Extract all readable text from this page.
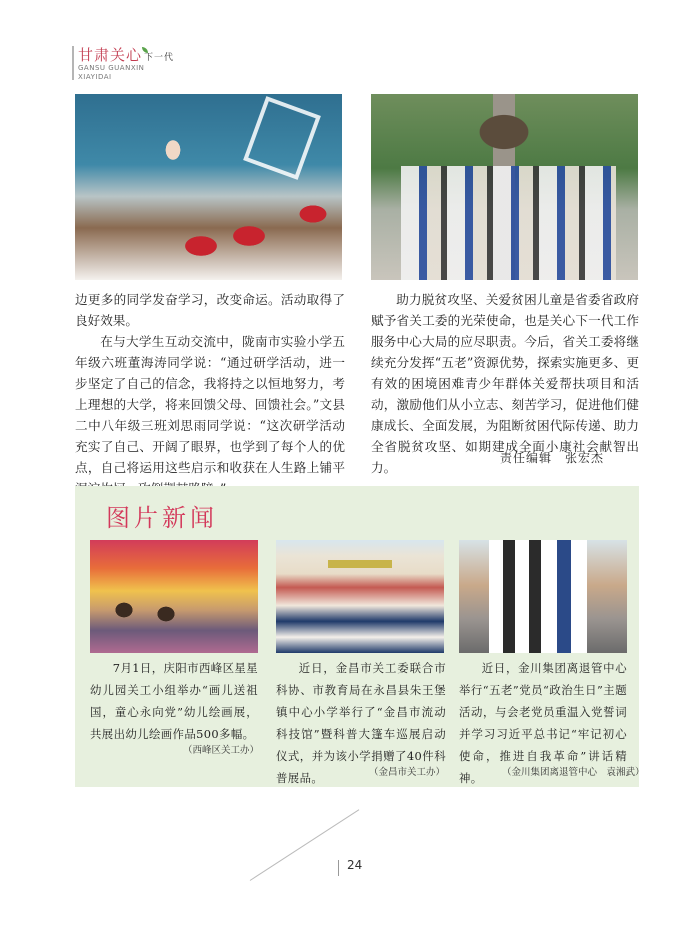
甘肃关心 下一代
GANSU GUANXIN
XIAYIDAI

边更多的同学发奋学习，改变命运。活动取得了良好效果。

在与大学生互动交流中，陇南市实验小学五年级六班董海涛同学说：“通过研学活动，进一步坚定了自己的信念，我将持之以恒地努力，考上理想的大学，将来回馈父母、回馈社会。”文县二中八年级三班刘思雨同学说：“这次研学活动充实了自己、开阔了眼界，也学到了每个人的优点，自己将运用这些启示和收获在人生路上铺平

助力脱贫攻坚、关爱贫困儿童是省委省政府赋予省关工委的光荣使命，也是关心下一代工作服务中心大局的应尽职责。今后，省关工委将继续充分发挥“五老”资源优势，探索实施更多、更有效的困境困难青少年群体关爱帮扶项目和活动，激励他们从小立志、刻苦学习，促进他们健康成长、全面发展，为阻断贫困代际传递、助力全省脱贫攻坚、如期建成全面小康社会献智出力。

责任编辑　张宏杰
图片新闻

7月1日，庆阳市西峰区星星幼儿园关工小组举办“画儿送祖国，童心永向党”幼儿绘画展，共展出幼儿绘画作品500多幅。

（西峰区关工办）

近日，金昌市关工委联合市科协、市教育局在永昌县朱王堡镇中心小学举行了“金昌市流动科技馆”暨科普大篷车巡展启动仪式，并为该小学捐赠了40件科普展品。	（金昌市关工办）

近日，金川集团离退管中心举行“五老”党员“政治生日”主题活动，与会老党员重温入党誓词并学习习近平总书记“牢记初心使命，推进自我革命”讲话精神。	（金川集团离退管中心　袁湘武）
24
